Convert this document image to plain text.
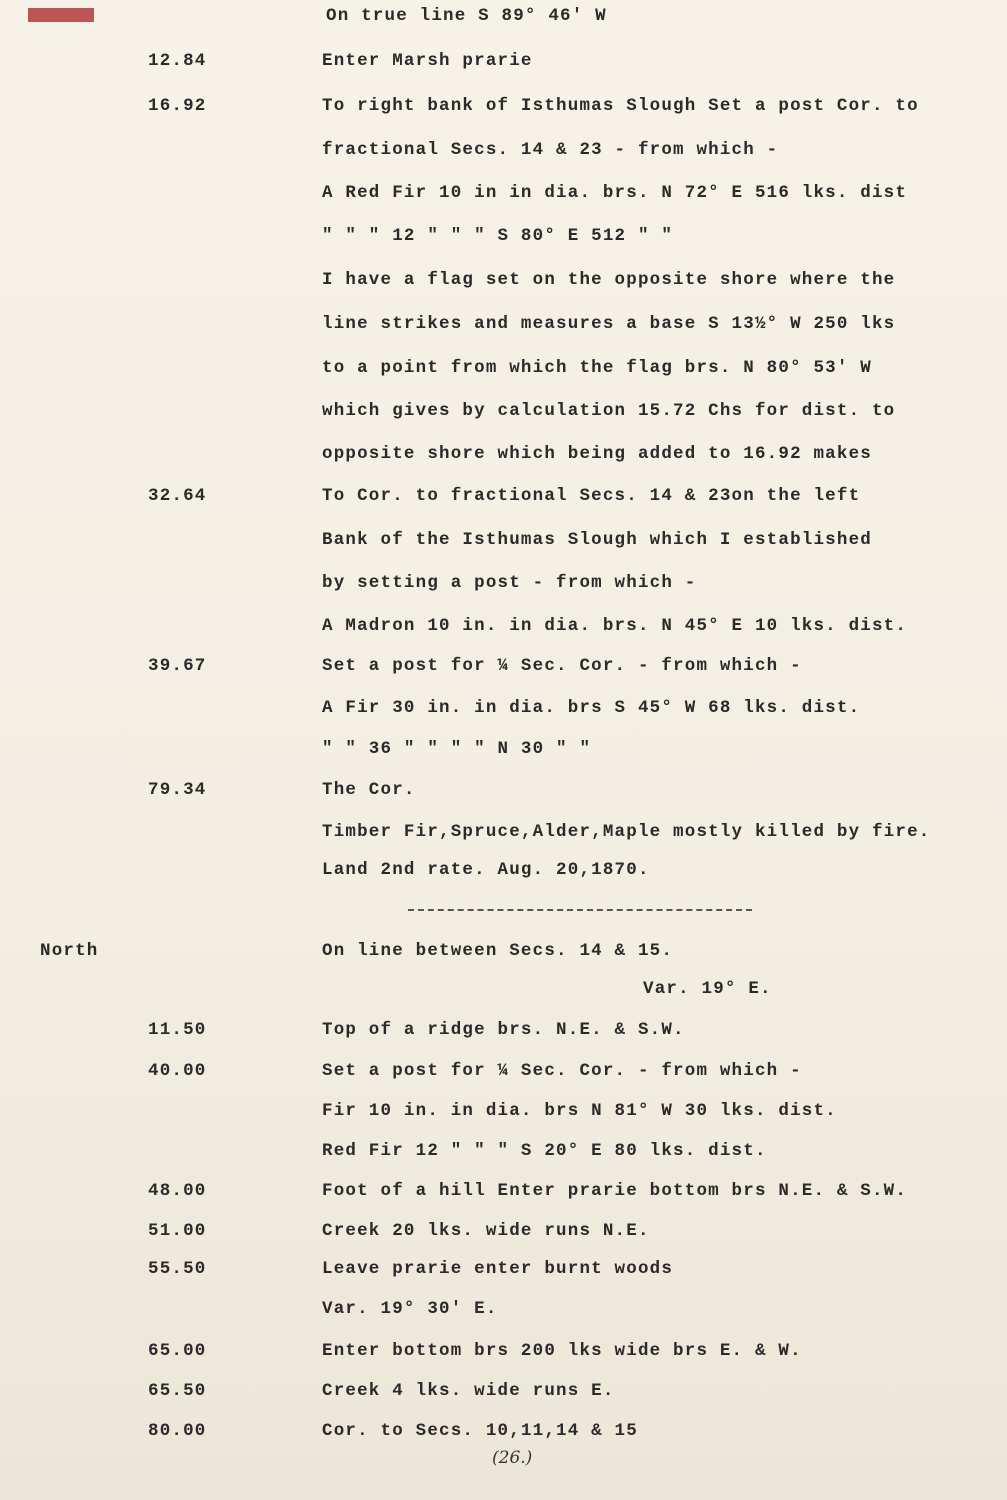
On true line S 89° 46' W
12.84	Enter Marsh prarie
16.92	To right bank of Isthumas Slough Set a post Cor. to
fractional Secs. 14 & 23 - from which -
A Red Fir 10 in in dia. brs. N 72° E 516 lks. dist
" " " 12 " " " S 80° E 512 " "
I have a flag set on the opposite shore where the
line strikes and measures a base S 13½° W 250 lks
to a point from which the flag brs. N 80° 53' W
which gives by calculation 15.72 Chs for dist. to
opposite shore which being added to 16.92 makes
32.64	To Cor. to fractional Secs. 14 & 23on the left
Bank of the Isthumas Slough which I established
by setting a post - from which -
A Madron 10 in. in dia. brs. N 45° E 10 lks. dist.
39.67	Set a post for ¼ Sec. Cor. - from which -
A Fir 30 in. in dia. brs S 45° W 68 lks. dist.
" " 36 " " " " N 30 " "
79.34	The Cor.
Timber Fir,Spruce,Alder,Maple mostly killed by fire.
Land 2nd rate. Aug. 20,1870.
North	On line between Secs. 14 & 15.
Var. 19° E.
11.50	Top of a ridge brs. N.E. & S.W.
40.00	Set a post for ¼ Sec. Cor. - from which -
Fir 10 in. in dia. brs N 81° W 30 lks. dist.
Red Fir 12 " " " S 20° E 80 lks. dist.
48.00	Foot of a hill Enter prarie bottom brs N.E. & S.W.
51.00	Creek 20 lks. wide runs N.E.
55.50	Leave prarie enter burnt woods
Var. 19° 30' E.
65.00	Enter bottom brs 200 lks wide brs E. & W.
65.50	Creek 4 lks. wide runs E.
80.00	Cor. to Secs. 10,11,14 & 15
(26.)
